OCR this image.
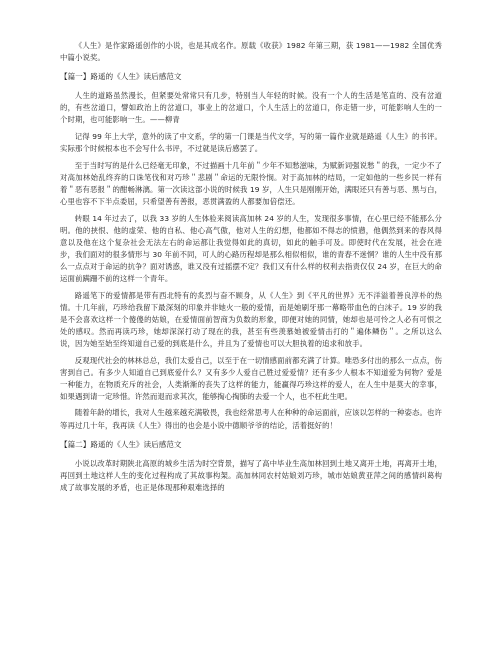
《人生》是作家路遥创作的小说，也是其成名作。原载《收获》1982 年第三期，获 1981——1982 全国优秀中篇小说奖。

【篇一】路遥的《人生》读后感范文

人生的道路虽然漫长，但紧要处常常只有几步，特别当人年轻的时候。没有一个人的生活是笔直的、没有岔道的，有些岔道口，譬如政治上的岔道口，事业上的岔道口，个人生活上的岔道口，你走错一步，可能影响人生的一个时期，也可能影响一生。——柳青

记得 99 年上大学，意外的读了中文系，学的第一门课是当代文学，写的第一篇作业就是路遥《人生》的书评。实际那个时候根本也不会写什么书评，不过就是读后感罢了。

至于当时写的是什么已经毫无印象，不过描画十几年前＂少年不知愁滋味，为赋新词强说愁＂的我，一定少不了对高加林始乱终弃的口诛笔伐和对巧珍＂悲剧＂命运的无限怜悯。对于高加林的结局，一定如他的一些乡民一样有着＂恶有恶报＂的酣畅淋漓。第一次读这部小说的时候我 19 岁，人生只是刚刚开始，满眼还只有善与恶、黑与白，心里也容不下半点委屈，只希望善有善报，恶贯满盈的人都要加倍偿还。

转眼 14 年过去了，以我 33 岁的人生体验来阅读高加林 24 岁的人生，发现很多事情，在心里已经不能那么分明。他的挟恨、他的虚荣、他的自私、他心高气傲，他对人生的幻想，他都如不得志的愤懑，他偶然到来的春风得意以及他在这个复杂社会无法左右的命运都让我觉得如此的真切，如此的触手可及。即使时代在发展，社会在进步，我们面对的很多情形与 30 年前不同，可人的心路历程却是那么相似相似，谁的青春不迷惘？谁的人生中没有那么一点点对于命运的抗争？面对诱惑，谁又没有过摇摆不定？我们又有什么样的权利去指责仅仅 24 岁，在巨大的命运面前蹒跚不前的这样一个青年。

路遥笔下的爱情都是带有西北特有的炙烈与奋不顾身，从《人生》到《平凡的世界》无不洋溢着善良淳朴的热情。十几年前，巧珍给我留下最深刻的印象并非她火一般的爱情，而是她刷牙那一幕略带血色的白沫子。19 岁的我是不会喜欢这样一个傻傻的姑娘，在爱情面前智商为负数的形象，即便对她的同情，她却也是可怜之人必有可恨之处的感叹。然而再读巧珍，她却深深打动了现在的我，甚至有些羡慕她被爱情击打的＂遍体鳞伤＂。之所以这么说，因为她至始至终知道自己爱的到底是什么，并且为了爱情也可以大胆执着的追求和放手。

反观现代社会的林林总总，我们太爱自己，以至于在一切情感面前都充满了计算。唯恐多付出的那么一点点，伤害到自己。有多少人知道自己到底爱什么？又有多少人爱自己胜过爱爱情？还有多少人根本不知道爱为何物？爱是一种能力，在物质充斥的社会，人类渐渐的丧失了这样的能力，能赢得巧珍这样的爱人，在人生中是莫大的幸事，如果遇到请一定珍惜。许然而退而求其次，能够掏心掏肺的去爱一个人，也不枉此生吧。

随着年龄的增长，我对人生越来越充满敬畏，我也经常思考人在种种的命运面前，应该以怎样的一种姿态。也许等再过几十年，我再读《人生》得出的也会是小说中德顺爷爷的结论，活着挺好的！

【篇二】路遥的《人生》读后感范文

小说以改革时期陕北高原的城乡生活为时空背景，描写了高中毕业生高加林回到土地又离开土地，再离开土地，再回到土地这样人生的变化过程构成了其故事构架。高加林同农村姑娘刘巧珍，城市姑娘黄亚萍之间的感情纠葛构成了故事发展的矛盾，也正是体现那种艰难选择的
